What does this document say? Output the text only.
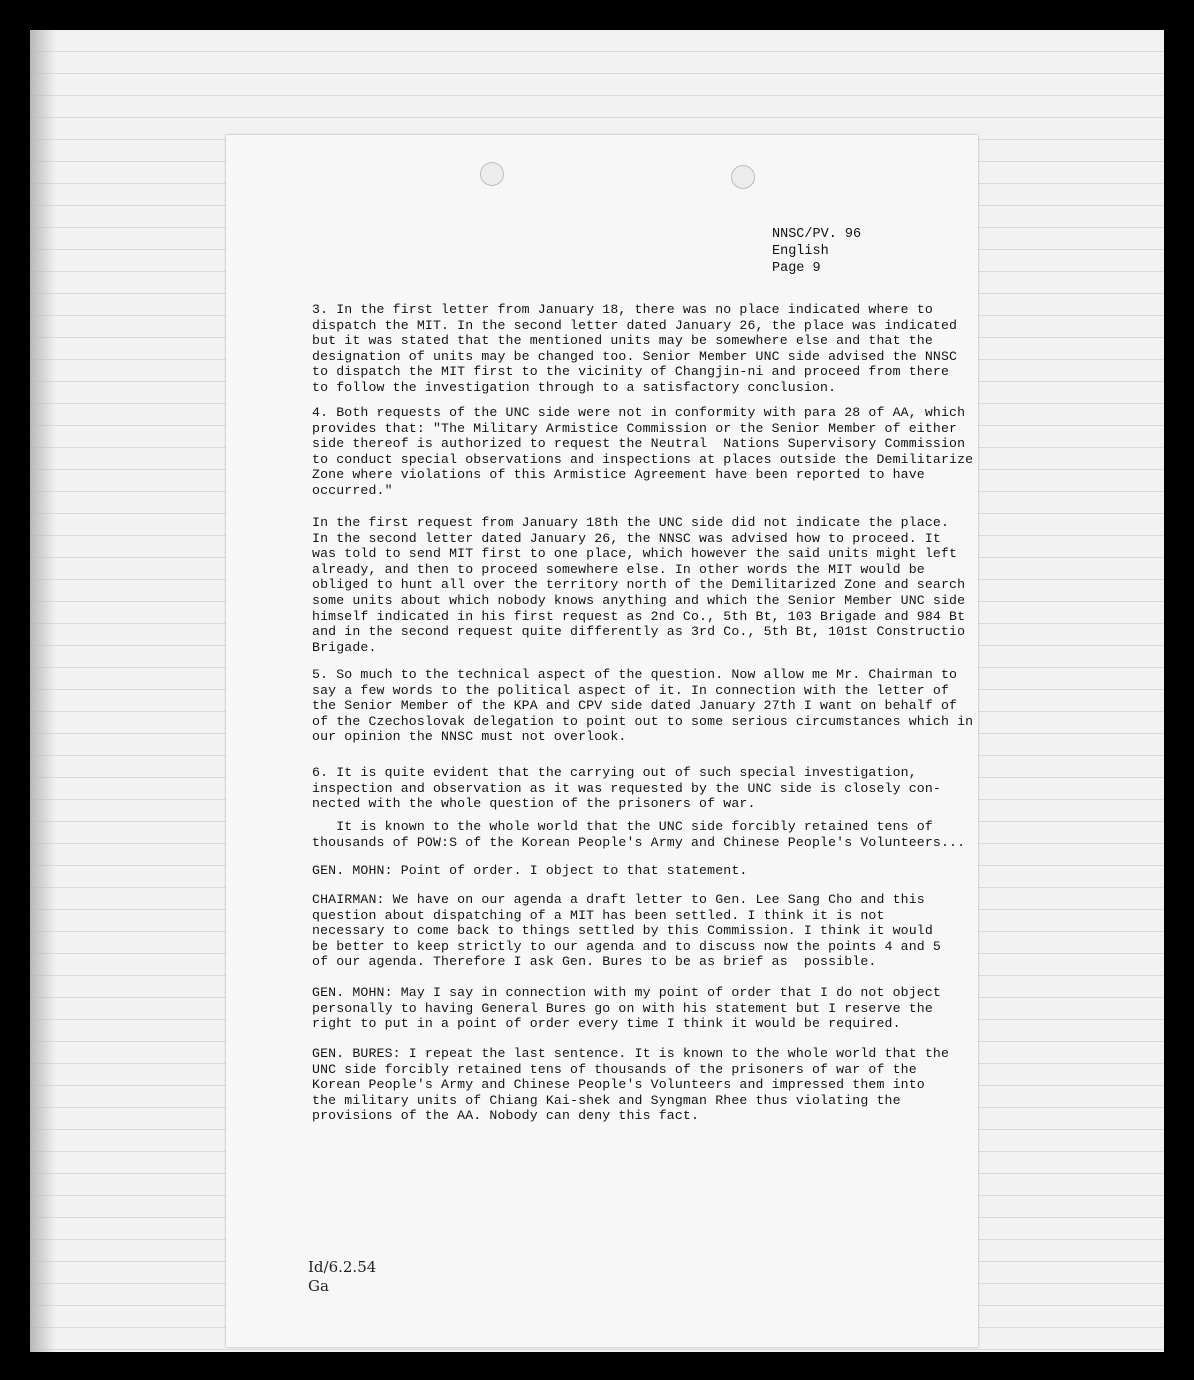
NNSC/PV. 96
English
Page 9
3. In the first letter from January 18, there was no place indicated where to
dispatch the MIT. In the second letter dated January 26, the place was indicated
but it was stated that the mentioned units may be somewhere else and that the
designation of units may be changed too. Senior Member UNC side advised the NNSC
to dispatch the MIT first to the vicinity of Changjin-ni and proceed from there
to follow the investigation through to a satisfactory conclusion.
4. Both requests of the UNC side were not in conformity with para 28 of AA, which
provides that: "The Military Armistice Commission or the Senior Member of either
side thereof is authorized to request the Neutral  Nations Supervisory Commission
to conduct special observations and inspections at places outside the Demilitarize
Zone where violations of this Armistice Agreement have been reported to have
occurred."
In the first request from January 18th the UNC side did not indicate the place.
In the second letter dated January 26, the NNSC was advised how to proceed. It
was told to send MIT first to one place, which however the said units might left
already, and then to proceed somewhere else. In other words the MIT would be
obliged to hunt all over the territory north of the Demilitarized Zone and search
some units about which nobody knows anything and which the Senior Member UNC side
himself indicated in his first request as 2nd Co., 5th Bt, 103 Brigade and 984 Bt
and in the second request quite differently as 3rd Co., 5th Bt, 101st Constructio
Brigade.
5. So much to the technical aspect of the question. Now allow me Mr. Chairman to
say a few words to the political aspect of it. In connection with the letter of
the Senior Member of the KPA and CPV side dated January 27th I want on behalf of
of the Czechoslovak delegation to point out to some serious circumstances which in
our opinion the NNSC must not overlook.
6. It is quite evident that the carrying out of such special investigation,
inspection and observation as it was requested by the UNC side is closely con-
nected with the whole question of the prisoners of war.
It is known to the whole world that the UNC side forcibly retained tens of
thousands of POW:S of the Korean People's Army and Chinese People's Volunteers...
GEN. MOHN: Point of order. I object to that statement.
CHAIRMAN: We have on our agenda a draft letter to Gen. Lee Sang Cho and this
question about dispatching of a MIT has been settled. I think it is not
necessary to come back to things settled by this Commission. I think it would
be better to keep strictly to our agenda and to discuss now the points 4 and 5
of our agenda. Therefore I ask Gen. Bures to be as brief as  possible.
GEN. MOHN: May I say in connection with my point of order that I do not object
personally to having General Bures go on with his statement but I reserve the
right to put in a point of order every time I think it would be required.
GEN. BURES: I repeat the last sentence. It is known to the whole world that the
UNC side forcibly retained tens of thousands of the prisoners of war of the
Korean People's Army and Chinese People's Volunteers and impressed them into
the military units of Chiang Kai-shek and Syngman Rhee thus violating the
provisions of the AA. Nobody can deny this fact.
Id/6.2.54
Ga
